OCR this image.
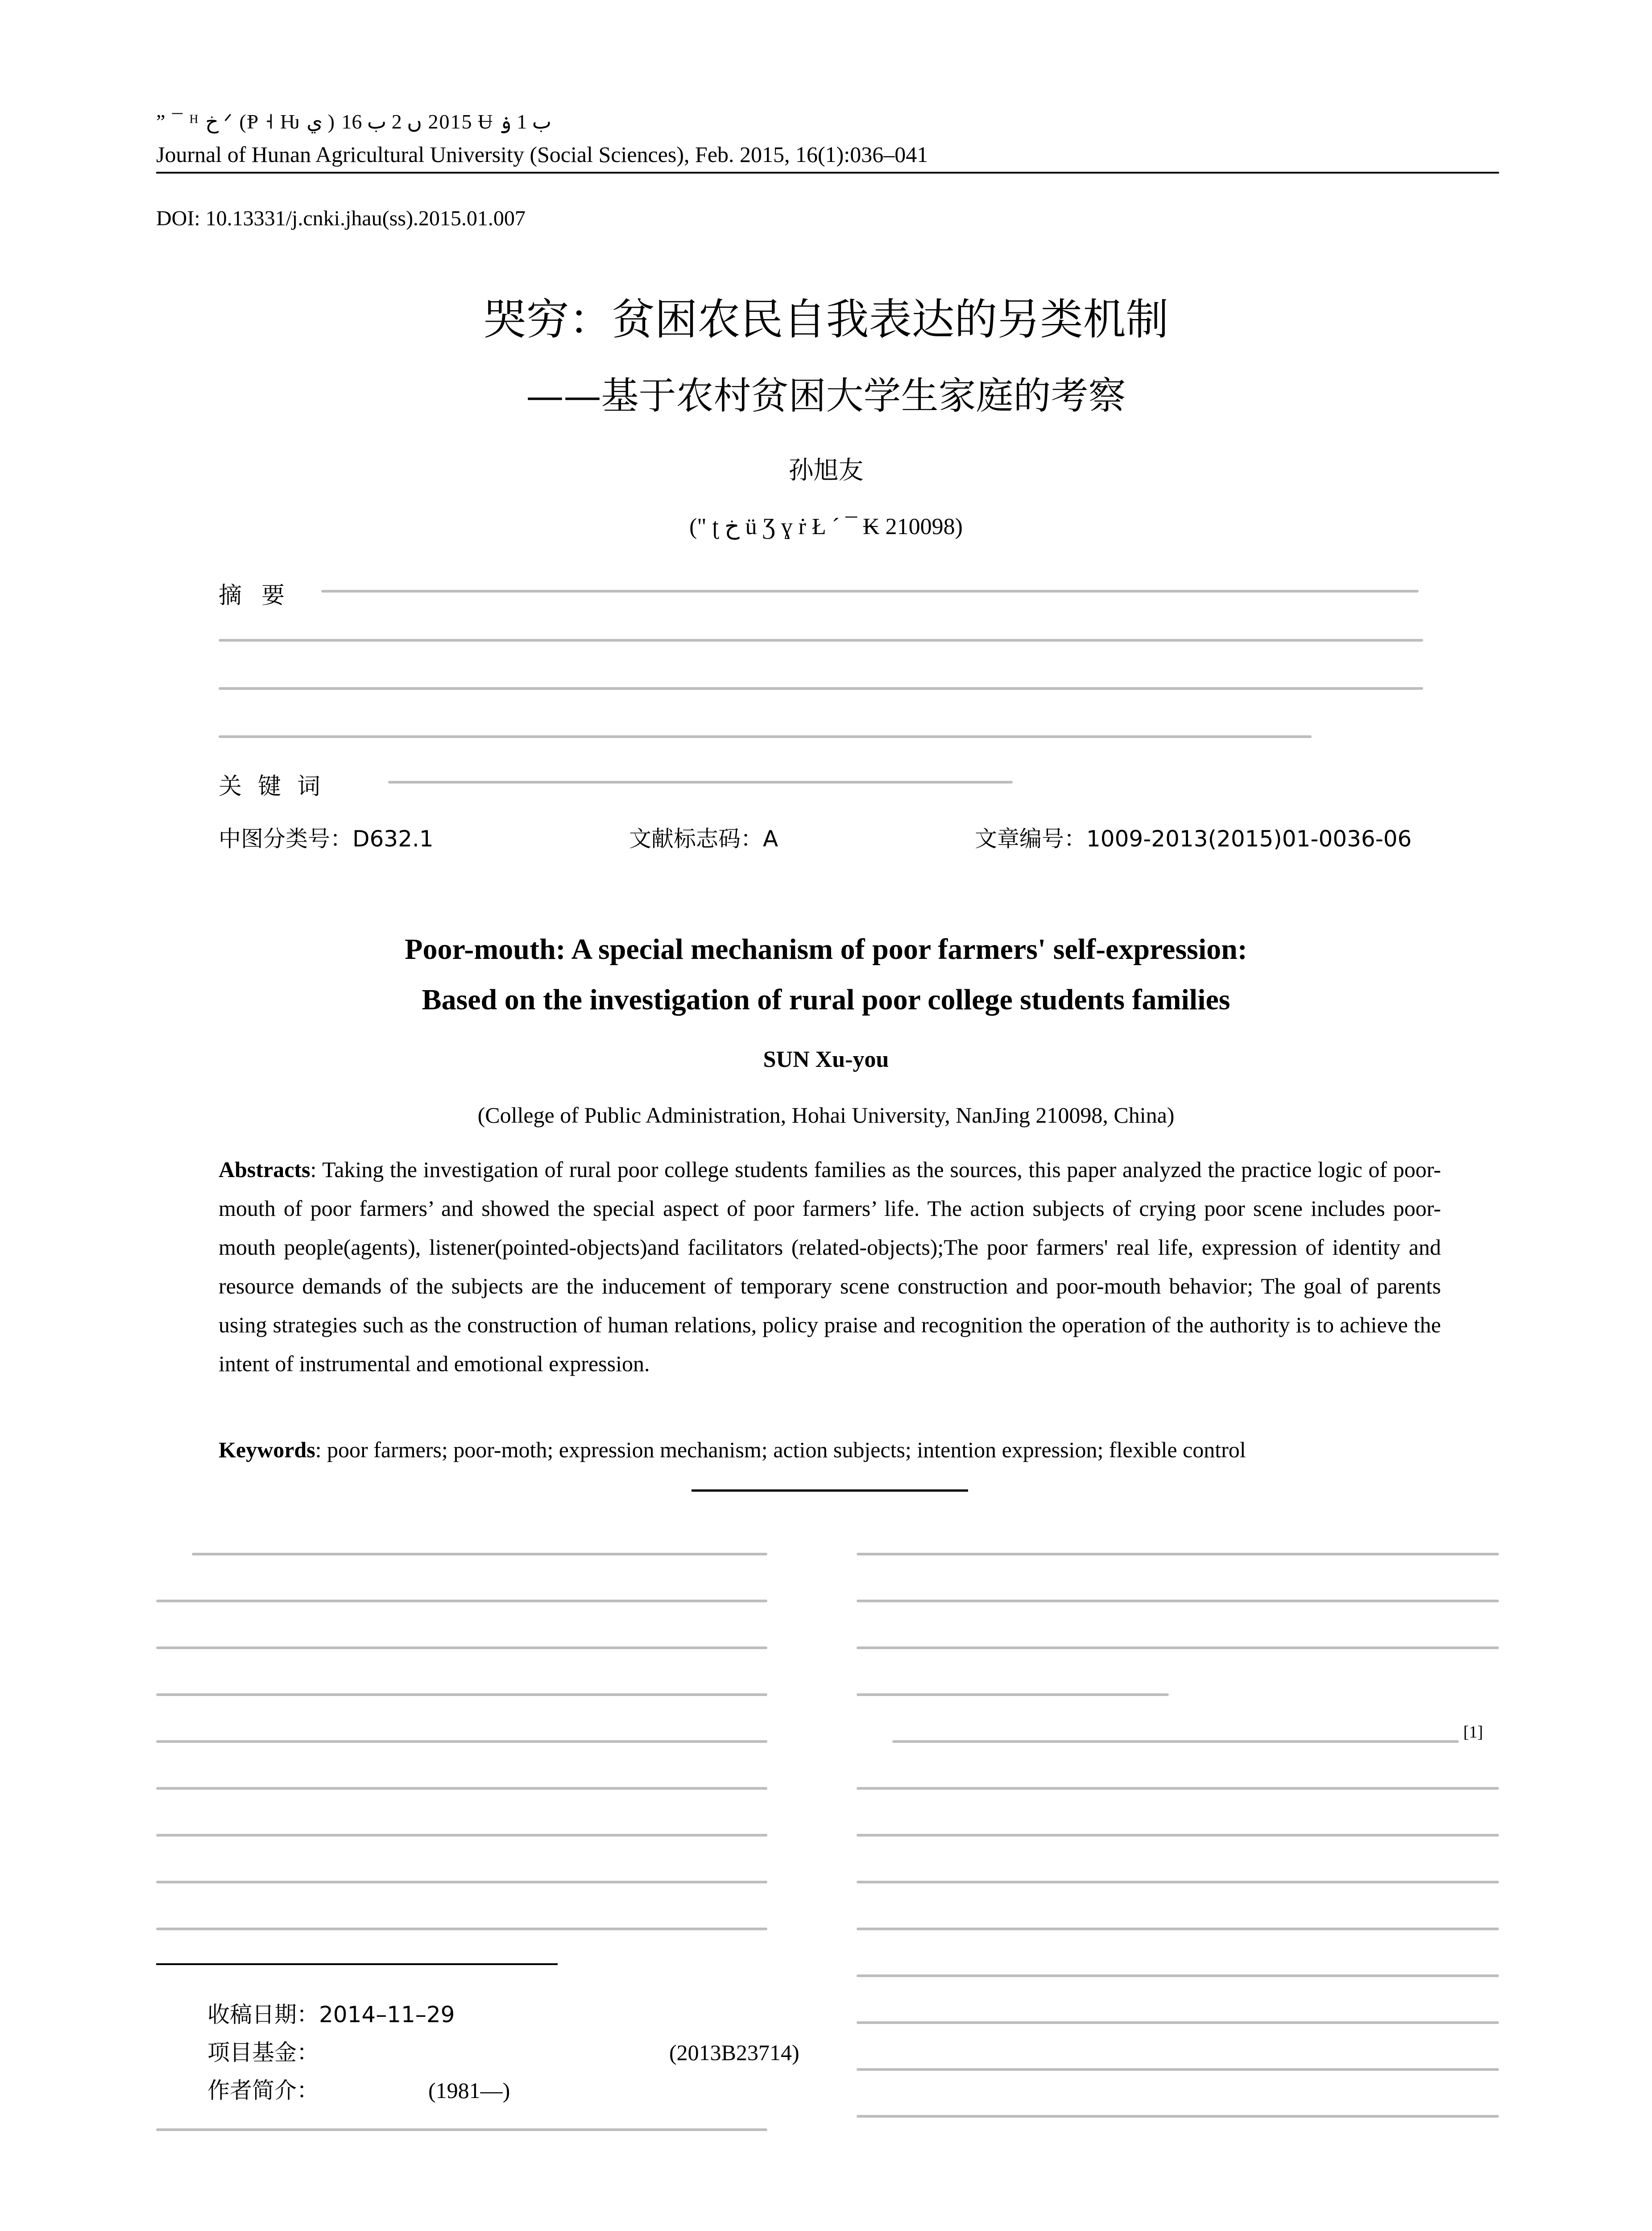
” ¯ ᴴ ﺥ ᐟ (Ᵽ ˧ Ƕ ي ) 2015 ں 2 ب 16 Ʉ ب 1 ۏ
Journal of Hunan Agricultural University (Social Sciences), Feb. 2015, 16(1):036–041
DOI: 10.13331/j.cnki.jhau(ss).2015.01.007
哭穷：贫困农民自我表达的另类机制
——基于农村贫困大学生家庭的考察
孙旭友
(" ʈ ﺥ ü Ʒ ɣ ṙ Ł ´ ¯ ₭ 210098)
摘要
关键词
中图分类号：D632.1	文献标志码：A	文章编号：1009-2013(2015)01-0036-06
Poor-mouth: A special mechanism of poor farmers' self-expression:
Based on the investigation of rural poor college students families
SUN Xu-you
(College of Public Administration, Hohai University, NanJing 210098, China)
Abstracts: Taking the investigation of rural poor college students families as the sources, this paper analyzed the practice logic of poor-mouth of poor farmers’ and showed the special aspect of poor farmers’ life. The action subjects of crying poor scene includes poor-mouth people(agents), listener(pointed-objects)and facilitators (related-objects);The poor farmers' real life, expression of identity and resource demands of the subjects are the inducement of temporary scene construction and poor-mouth behavior; The goal of parents using strategies such as the construction of human relations, policy praise and recognition the operation of the authority is to achieve the intent of instrumental and emotional expression.
Keywords: poor farmers; poor-moth; expression mechanism; action subjects; intention expression; flexible control
[1]
收稿日期：2014–11–29
项目基金：	(2013B23714)
作者简介：	(1981—)
